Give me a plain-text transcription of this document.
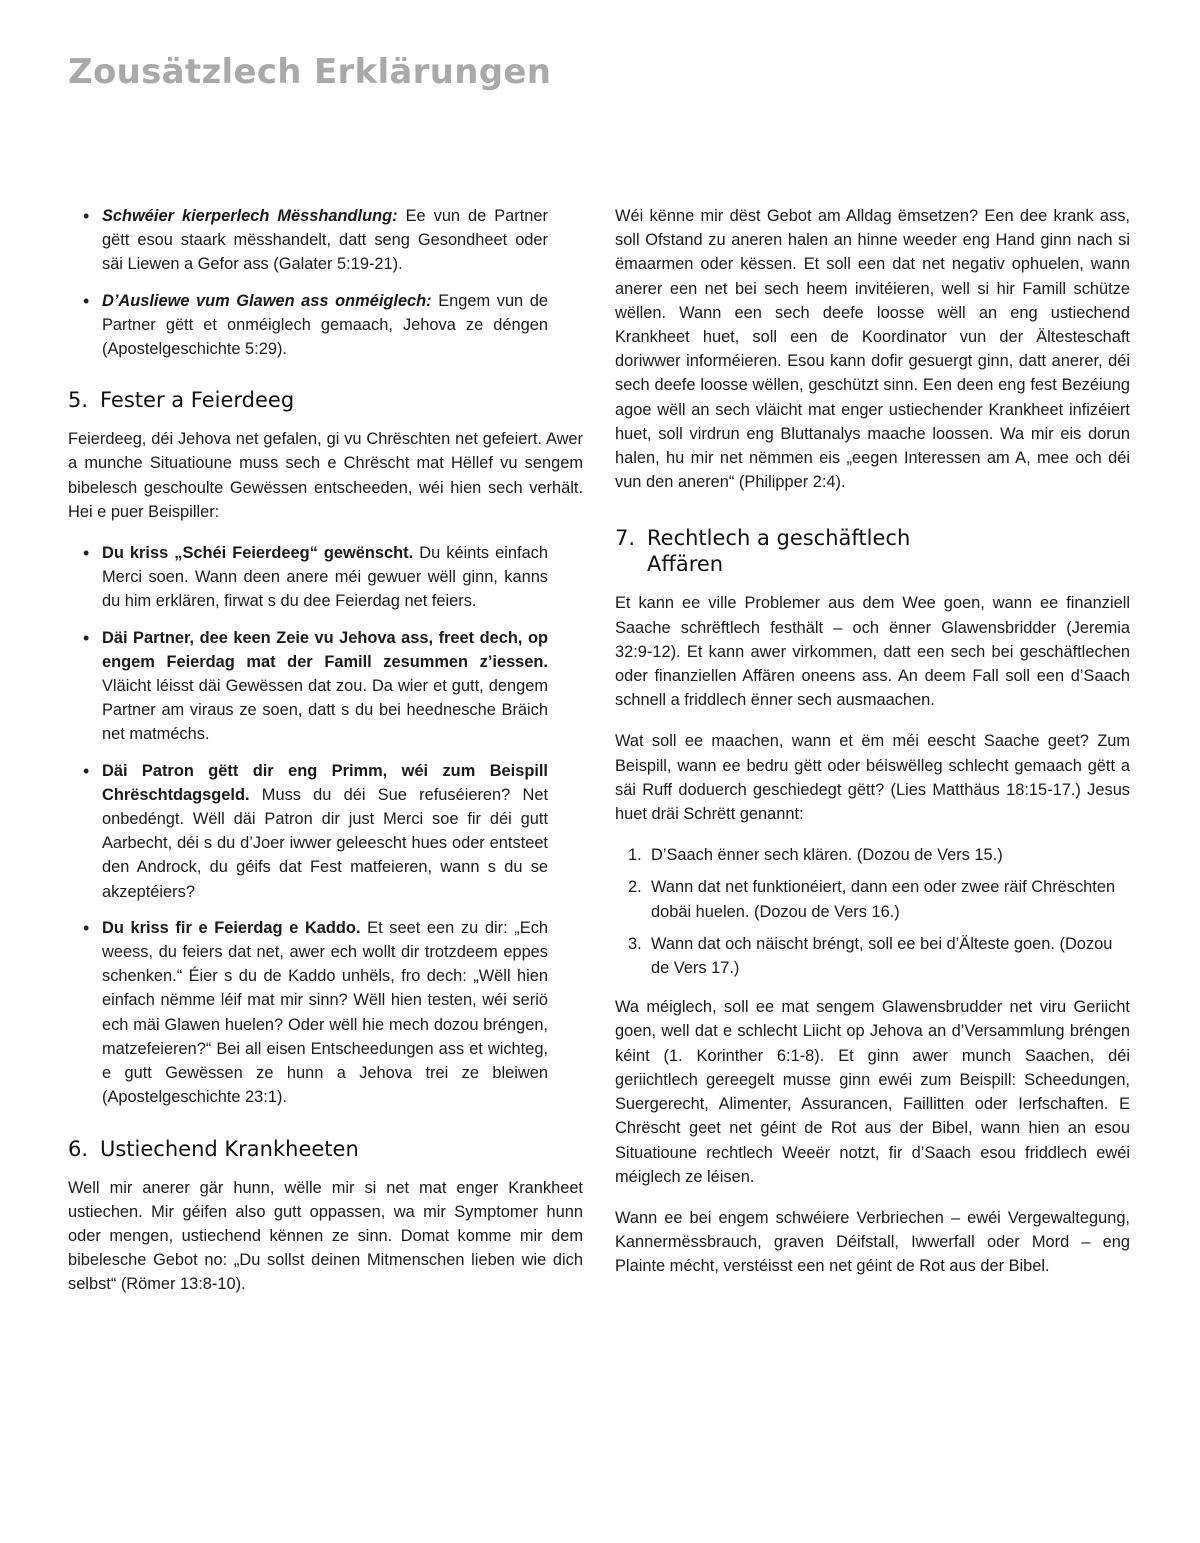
Zousätzlech Erklärungen
• Schwéier kierperlech Mësshandlung: Ee vun de Partner gëtt esou staark mësshandelt, datt seng Gesondheet oder säi Liewen a Gefor ass (Galater 5:19-21).
• D’Ausliewe vum Glawen ass onméiglech: Engem vun de Partner gëtt et onméiglech gemaach, Jehova ze déngen (Apostelgeschichte 5:29).
5. Fester a Feierdeeg

Feierdeeg, déi Jehova net gefalen, gi vu Chrëschten net gefeiert. Awer a munche Situatioune muss sech e Chrëscht mat Hëllef vu sengem bibelesch geschoulte Gewëssen entscheeden, wéi hien sech verhält. Hei e puer Beispiller:

• Du kriss „Schéi Feierdeeg“ gewënscht. Du kéints einfach Merci soen. Wann deen anere méi gewuer wëll ginn, kanns du him erklären, firwat s du dee Feierdag net feiers.
• Däi Partner, dee keen Zeie vu Jehova ass, freet dech, op engem Feierdag mat der Famill zesummen z’iessen. Vläicht léisst däi Gewëssen dat zou. Da wier et gutt, dengem Partner am viraus ze soen, datt s du bei heednesche Bräich net matméchs.
• Däi Patron gëtt dir eng Primm, wéi zum Beispill Chrëschtdagsgeld. Muss du déi Sue refuséieren? Net onbedéngt. Wëll däi Patron dir just Merci soe fir déi gutt Aarbecht, déi s du d’Joer iwwer geleescht hues oder entsteet den Androck, du géifs dat Fest matfeieren, wann s du se akzeptéiers?
• Du kriss fir e Feierdag e Kaddo. Et seet een zu dir: „Ech weess, du feiers dat net, awer ech wollt dir trotzdeem eppes schenken.“ Éier s du de Kaddo unhëls, fro dech: „Wëll hien einfach nëmme léif mat mir sinn? Wëll hien testen, wéi seriö ech mäi Glawen huelen? Oder wëll hie mech dozou bréngen, matzefeieren?“ Bei all eisen Entscheedungen ass et wichteg, e gutt Gewëssen ze hunn a Jehova trei ze bleiwen (Apostelgeschichte 23:1).
6. Ustiechend Krankheeten

Well mir anerer gär hunn, wëlle mir si net mat enger Krankheet ustiechen. Mir géifen also gutt oppassen, wa mir Symptomer hunn oder mengen, ustiechend kënnen ze sinn. Domat komme mir dem bibelesche Gebot no: „Du sollst deinen Mitmenschen lieben wie dich selbst“ (Römer 13:8-10).

Wéi kënne mir dëst Gebot am Alldag ëmsetzen? Een dee krank ass, soll Ofstand zu aneren halen an hinne weeder eng Hand ginn nach si ëmaarmen oder këssen. Et soll een dat net negativ ophuelen, wann anerer een net bei sech heem invitéieren, well si hir Famill schütze wëllen. Wann een sech deefe loosse wëll an eng ustiechend Krankheet huet, soll een de Koordinator vun der Ältesteschaft doriwwer informéieren. Esou kann dofir gesuergt ginn, datt anerer, déi sech deefe loosse wëllen, geschützt sinn. Een deen eng fest Bezéiung agoe wëll an sech vläicht mat enger ustiechender Krankheet infizéiert huet, soll virdrun eng Bluttanalys maache loossen. Wa mir eis dorun halen, hu mir net nëmmen eis „eegen Interessen am A, mee och déi vun den aneren“ (Philipper 2:4).

7. Rechtlech a geschäftlech
Affären

Et kann ee ville Problemer aus dem Wee goen, wann ee finanziell Saache schrëftlech festhält – och ënner Glawensbridder (Jeremia 32:9-12). Et kann awer virkommen, datt een sech bei geschäftlechen oder finanziellen Affären oneens ass. An deem Fall soll een d’Saach schnell a friddlech ënner sech ausmaachen.

Wat soll ee maachen, wann et ëm méi eescht Saache geet? Zum Beispill, wann ee bedru gëtt oder béiswëlleg schlecht gemaach gëtt a säi Ruff doduerch geschiedegt gëtt? (Lies Matthäus 18:15-17.) Jesus huet dräi Schrëtt genannt:

1. D’Saach ënner sech klären. (Dozou de Vers 15.)
2. Wann dat net funktionéiert, dann een oder zwee räif Chrëschten dobäi huelen. (Dozou de Vers 16.)
3. Wann dat och näischt bréngt, soll ee bei d’Älteste goen. (Dozou de Vers 17.)

Wa méiglech, soll ee mat sengem Glawensbrudder net viru Geriicht goen, well dat e schlecht Liicht op Jehova an d’Versammlung bréngen kéint (1. Korinther 6:1-8). Et ginn awer munch Saachen, déi geriichtlech gereegelt musse ginn ewéi zum Beispill: Scheedungen, Suergerecht, Alimenter, Assurancen, Faillitten oder Ierfschaften. E Chrëscht geet net géint de Rot aus der Bibel, wann hien an esou Situatioune rechtlech Weeër notzt, fir d’Saach esou friddlech ewéi méiglech ze léisen.

Wann ee bei engem schwéiere Verbriechen – ewéi Vergewaltegung, Kannermëssbrauch, graven Déifstall, Iwwerfall oder Mord – eng Plainte mécht, verstéisst een net géint de Rot aus der Bibel.
